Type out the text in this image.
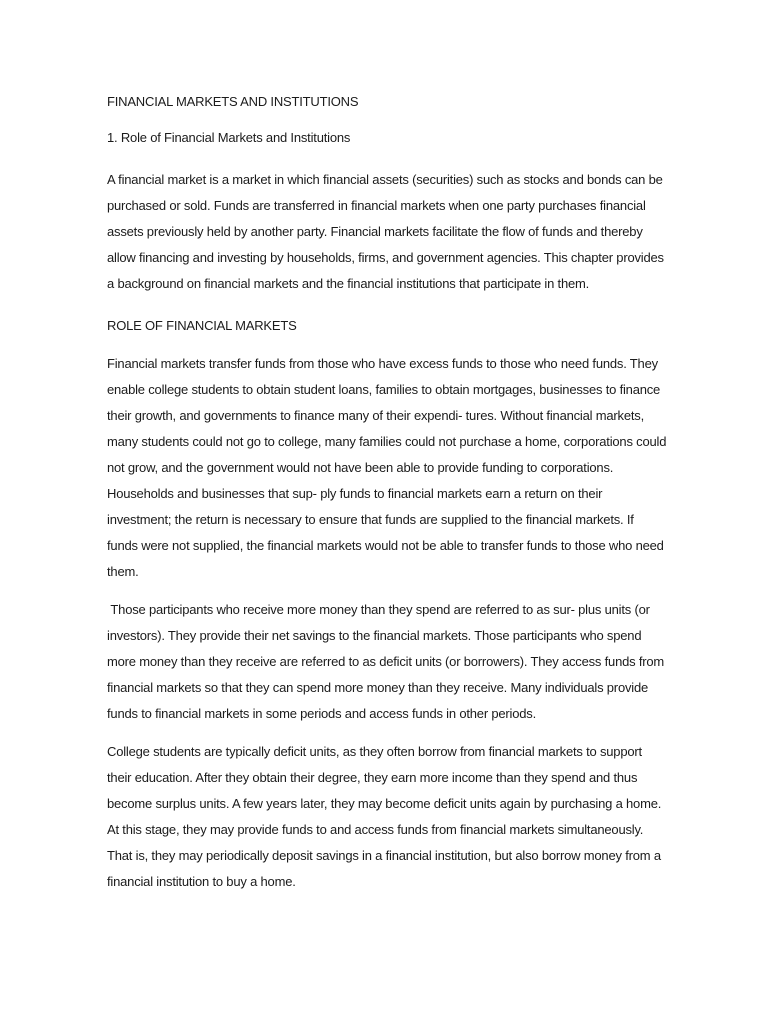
FINANCIAL MARKETS AND INSTITUTIONS

1. Role of Financial Markets and Institutions

A financial market is a market in which financial assets (securities) such as stocks and bonds can be purchased or sold. Funds are transferred in financial markets when one party purchases financial assets previously held by another party. Financial markets facilitate the flow of funds and thereby allow financing and investing by households, firms, and government agencies. This chapter provides a background on financial markets and the financial institutions that participate in them.

ROLE OF FINANCIAL MARKETS

Financial markets transfer funds from those who have excess funds to those who need funds. They enable college students to obtain student loans, families to obtain mortgages, businesses to finance their growth, and governments to finance many of their expendi- tures. Without financial markets, many students could not go to college, many families could not purchase a home, corporations could not grow, and the government would not have been able to provide funding to corporations. Households and businesses that sup- ply funds to financial markets earn a return on their investment; the return is necessary to ensure that funds are supplied to the financial markets. If funds were not supplied, the financial markets would not be able to transfer funds to those who need them.

Those participants who receive more money than they spend are referred to as sur- plus units (or investors). They provide their net savings to the financial markets. Those participants who spend more money than they receive are referred to as deficit units (or borrowers). They access funds from financial markets so that they can spend more money than they receive. Many individuals provide funds to financial markets in some periods and access funds in other periods.

College students are typically deficit units, as they often borrow from financial markets to support their education. After they obtain their degree, they earn more income than they spend and thus become surplus units. A few years later, they may become deficit units again by purchasing a home. At this stage, they may provide funds to and access funds from financial markets simultaneously. That is, they may periodically deposit savings in a financial institution, but also borrow money from a financial institution to buy a home.
